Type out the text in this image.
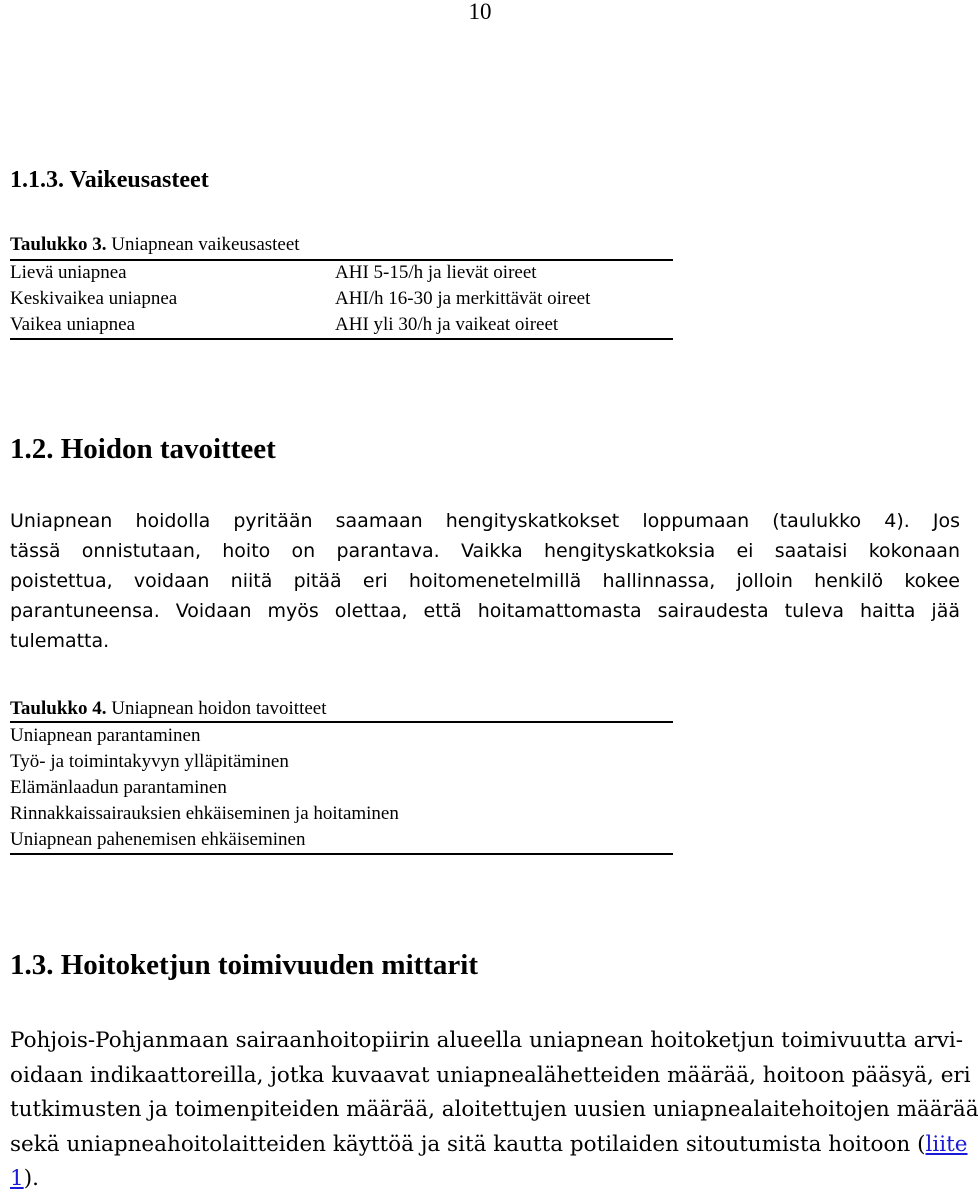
10
1.1.3. Vaikeusasteet
Taulukko 3. Uniapnean vaikeusasteet
Lievä uniapnea	AHI 5-15/h ja lievät oireet
Keskivaikea uniapnea	AHI/h 16-30 ja merkittävät oireet
Vaikea uniapnea	AHI yli 30/h ja vaikeat oireet
1.2. Hoidon tavoitteet
Uniapnean hoidolla pyritään saamaan hengityskatkokset loppumaan (taulukko 4). Jos
tässä onnistutaan, hoito on parantava. Vaikka hengityskatkoksia ei saataisi kokonaan
poistettua, voidaan niitä pitää eri hoitomenetelmillä hallinnassa, jolloin henkilö kokee
parantuneensa. Voidaan myös olettaa, että hoitamattomasta sairaudesta tuleva haitta jää
tulematta.
Taulukko 4. Uniapnean hoidon tavoitteet
Uniapnean parantaminen
Työ- ja toimintakyvyn ylläpitäminen
Elämänlaadun parantaminen
Rinnakkaissairauksien ehkäiseminen ja hoitaminen
Uniapnean pahenemisen ehkäiseminen
1.3. Hoitoketjun toimivuuden mittarit
Pohjois-Pohjanmaan sairaanhoitopiirin alueella uniapnean hoitoketjun toimivuutta arvi-
oidaan indikaattoreilla, jotka kuvaavat uniapnealähetteiden määrää, hoitoon pääsyä, eri
tutkimusten ja toimenpiteiden määrää, aloitettujen uusien uniapnealaitehoitojen määrää
sekä uniapneahoitolaitteiden käyttöä ja sitä kautta potilaiden sitoutumista hoitoon (liite
1).
